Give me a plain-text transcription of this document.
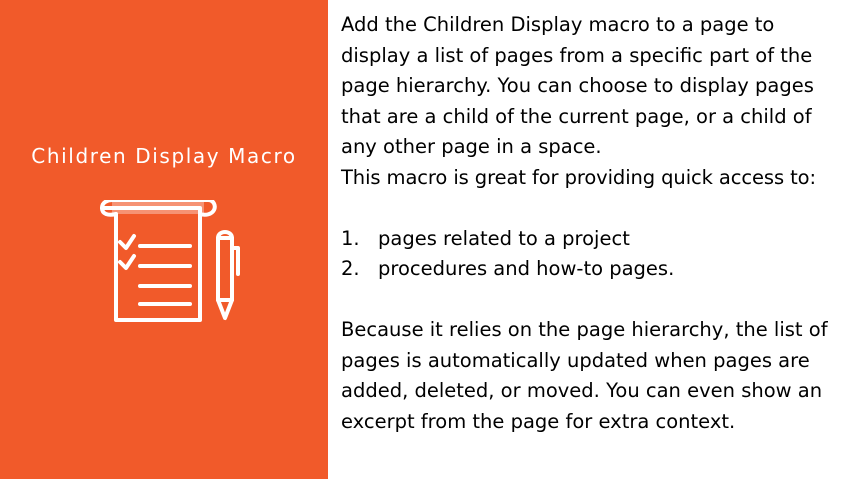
Children Display Macro

Add the Children Display macro to a page to display a list of pages from a specific part of the page hierarchy. You can choose to display pages that are a child of the current page, or a child of any other page in a space.

This macro is great for providing quick access to:

1. pages related to a project
2. procedures and how-to pages.

Because it relies on the page hierarchy, the list of pages is automatically updated when pages are added, deleted, or moved. You can even show an excerpt from the page for extra context.
